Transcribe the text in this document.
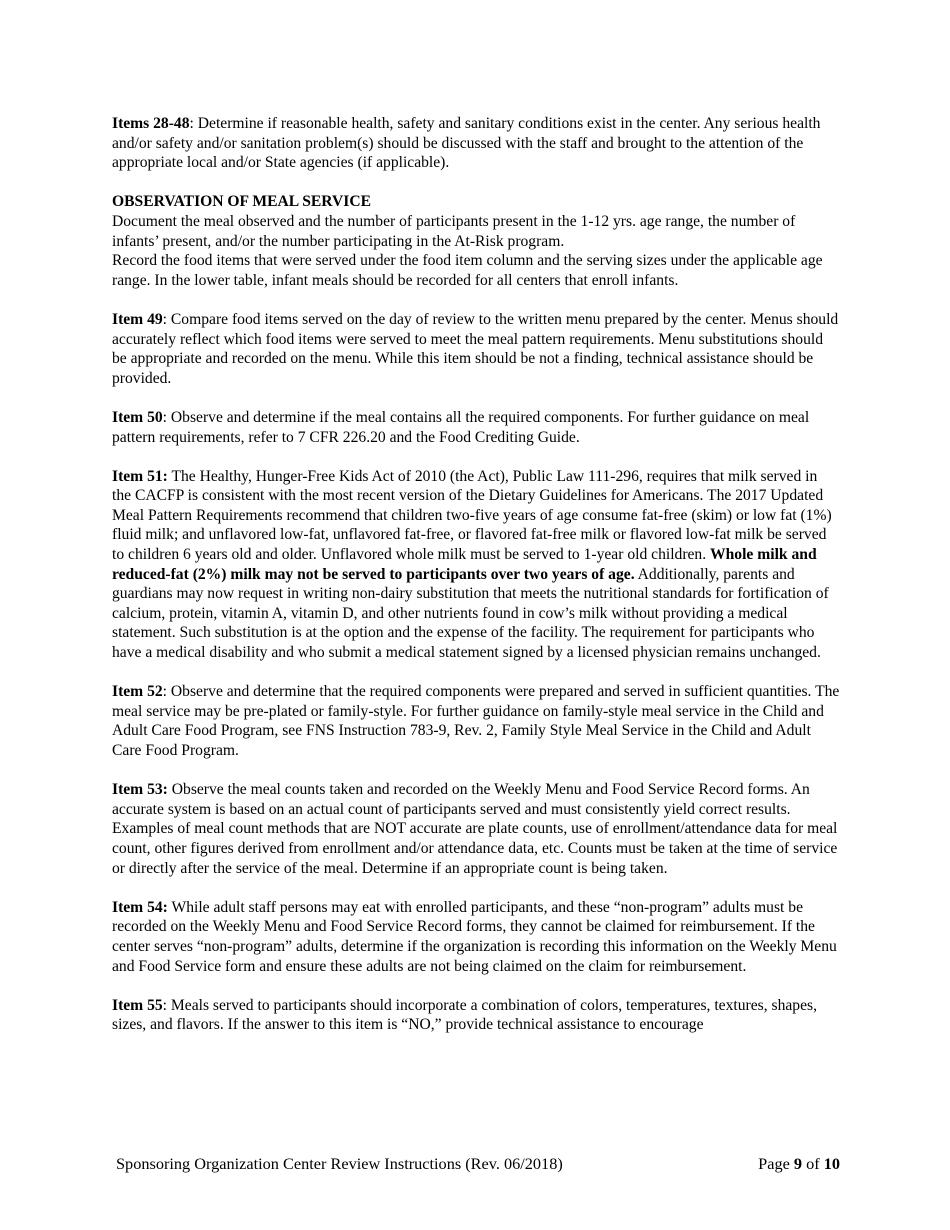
Items 28-48: Determine if reasonable health, safety and sanitary conditions exist in the center. Any serious health and/or safety and/or sanitation problem(s) should be discussed with the staff and brought to the attention of the appropriate local and/or State agencies (if applicable).

OBSERVATION OF MEAL SERVICE

Document the meal observed and the number of participants present in the 1-12 yrs. age range, the number of infants’ present, and/or the number participating in the At-Risk program.

Record the food items that were served under the food item column and the serving sizes under the applicable age range. In the lower table, infant meals should be recorded for all centers that enroll infants.

Item 49: Compare food items served on the day of review to the written menu prepared by the center. Menus should accurately reflect which food items were served to meet the meal pattern requirements. Menu substitutions should be appropriate and recorded on the menu. While this item should be not a finding, technical assistance should be provided.

Item 50: Observe and determine if the meal contains all the required components. For further guidance on meal pattern requirements, refer to 7 CFR 226.20 and the Food Crediting Guide.

Item 51: The Healthy, Hunger-Free Kids Act of 2010 (the Act), Public Law 111-296, requires that milk served in the CACFP is consistent with the most recent version of the Dietary Guidelines for Americans. The 2017 Updated Meal Pattern Requirements recommend that children two-five years of age consume fat-free (skim) or low fat (1%) fluid milk; and unflavored low-fat, unflavored fat-free, or flavored fat-free milk or flavored low-fat milk be served to children 6 years old and older. Unflavored whole milk must be served to 1-year old children. Whole milk and reduced-fat (2%) milk may not be served to participants over two years of age. Additionally, parents and guardians may now request in writing non-dairy substitution that meets the nutritional standards for fortification of calcium, protein, vitamin A, vitamin D, and other nutrients found in cow’s milk without providing a medical statement. Such substitution is at the option and the expense of the facility. The requirement for participants who have a medical disability and who submit a medical statement signed by a licensed physician remains unchanged.

Item 52: Observe and determine that the required components were prepared and served in sufficient quantities. The meal service may be pre-plated or family-style. For further guidance on family-style meal service in the Child and Adult Care Food Program, see FNS Instruction 783-9, Rev. 2, Family Style Meal Service in the Child and Adult Care Food Program.

Item 53: Observe the meal counts taken and recorded on the Weekly Menu and Food Service Record forms. An accurate system is based on an actual count of participants served and must consistently yield correct results. Examples of meal count methods that are NOT accurate are plate counts, use of enrollment/attendance data for meal count, other figures derived from enrollment and/or attendance data, etc. Counts must be taken at the time of service or directly after the service of the meal. Determine if an appropriate count is being taken.

Item 54: While adult staff persons may eat with enrolled participants, and these “non-program” adults must be recorded on the Weekly Menu and Food Service Record forms, they cannot be claimed for reimbursement. If the center serves “non-program” adults, determine if the organization is recording this information on the Weekly Menu and Food Service form and ensure these adults are not being claimed on the claim for reimbursement.

Item 55: Meals served to participants should incorporate a combination of colors, temperatures, textures, shapes, sizes, and flavors. If the answer to this item is “NO,” provide technical assistance to encourage

Sponsoring Organization Center Review Instructions (Rev. 06/2018)	Page 9 of 10
